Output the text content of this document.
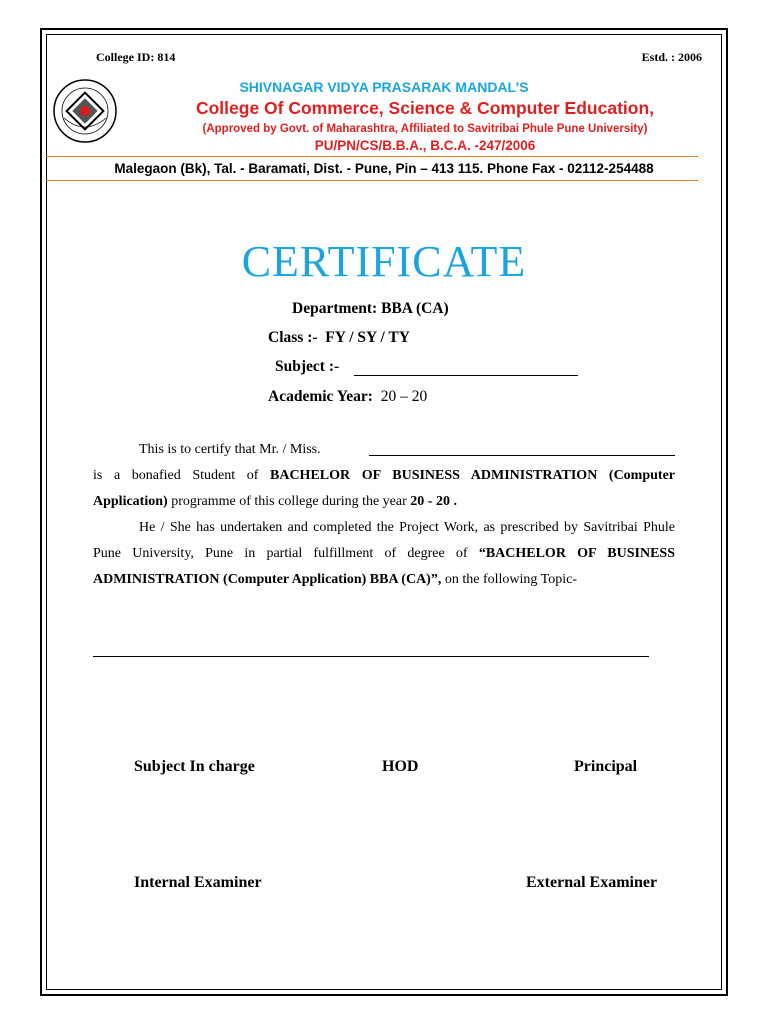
College ID: 814	Estd. : 2006
SHIVNAGAR VIDYA PRASARAK MANDAL’S
College Of Commerce, Science & Computer Education,
(Approved by Govt. of Maharashtra, Affiliated to Savitribai Phule Pune University)
PU/PN/CS/B.B.A., B.C.A. -247/2006
Malegaon (Bk), Tal. - Baramati, Dist. - Pune, Pin – 413 115. Phone Fax - 02112-254488
CERTIFICATE
Department: BBA (CA)
Class :- FY / SY / TY
Subject :-
Academic Year: 20 – 20
This is to certify that Mr. / Miss.
is a bonafied Student of BACHELOR OF BUSINESS ADMINISTRATION (Computer Application) programme of this college during the year 20 - 20 .
He / She has undertaken and completed the Project Work, as prescribed by Savitribai Phule Pune University, Pune in partial fulfillment of degree of “BACHELOR OF BUSINESS ADMINISTRATION (Computer Application) BBA (CA)”, on the following Topic-
Subject In charge	HOD	Principal
Internal Examiner	External Examiner
